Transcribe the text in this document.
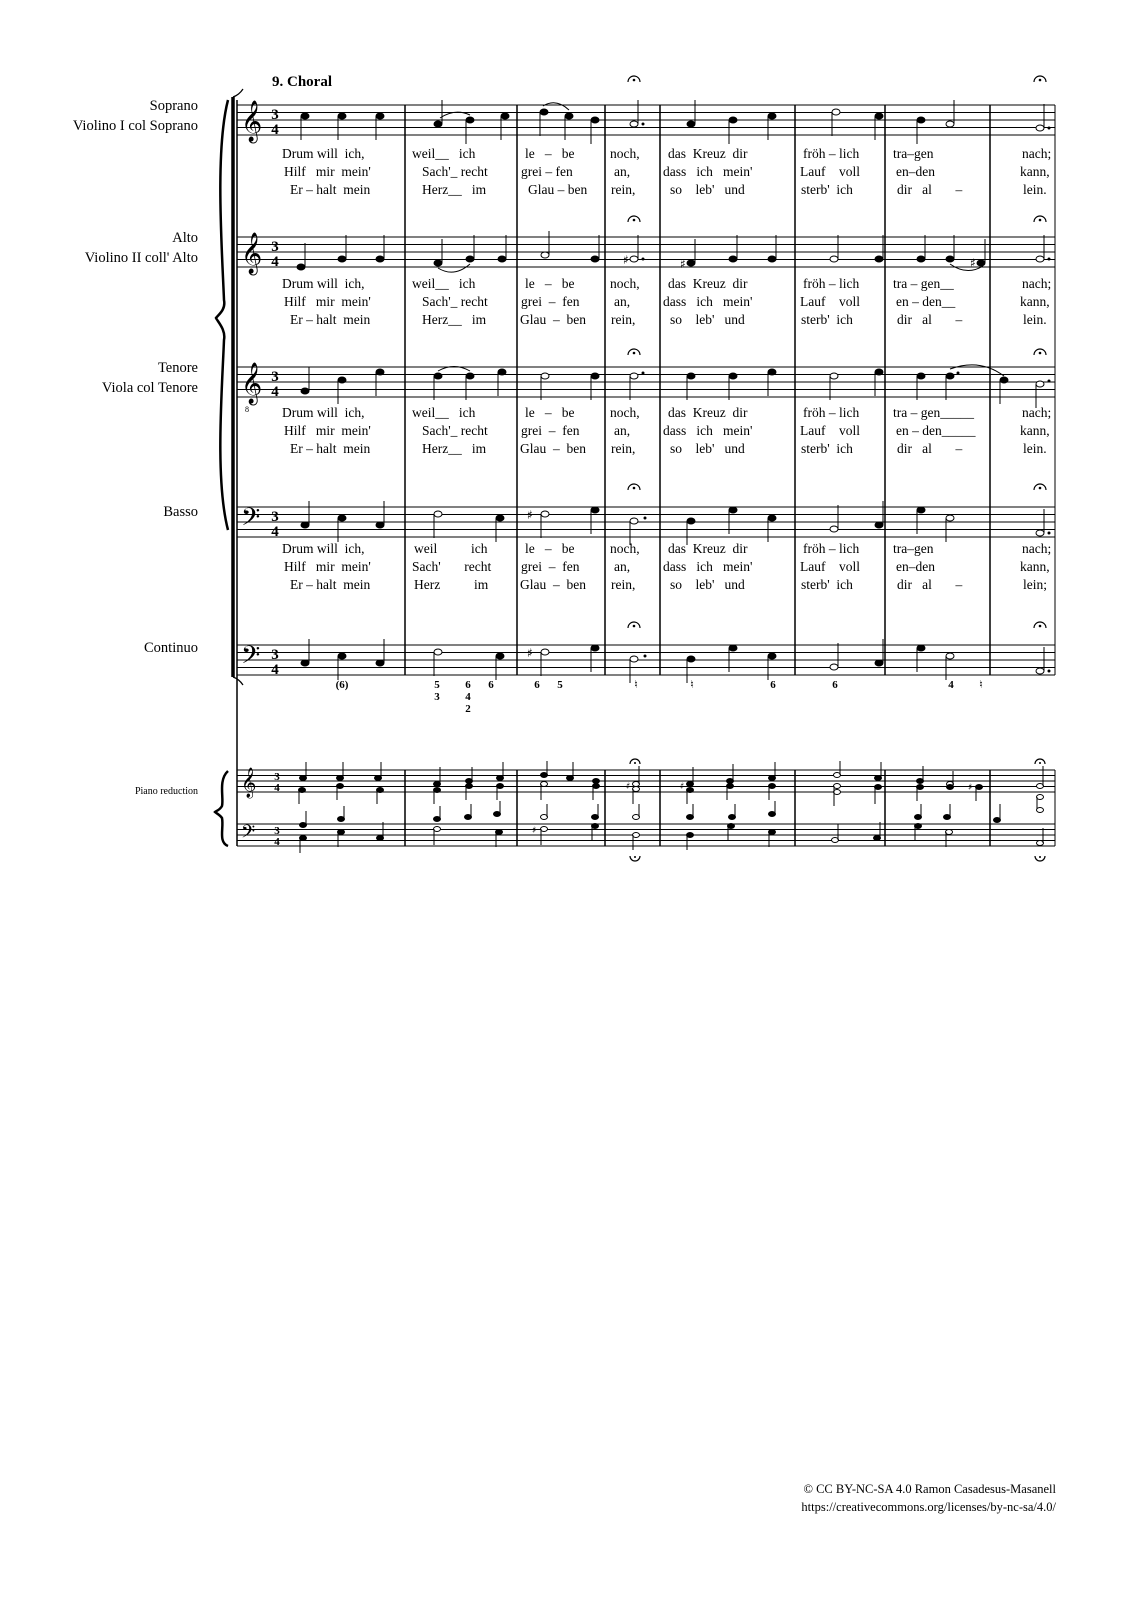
9. Choral
Soprano
Violino I col Soprano
Alto
Violino II coll' Alto
Tenore
Viola col Tenore
Basso
Continuo
Piano reduction
𝄞
𝄞
𝄞
8
𝄢
𝄢
𝄞
𝄢
3
4
3
4
3
4
3
4
3
4
3
4
3
4
♯	♯	♯
♯
♯
♯	♯	♯
♯
Drum will  ich,	weil__   ich	le   –   be	noch, das  Kreuz  dir	fröh – lich	tra–gen	nach;
Hilf   mir  mein'	Sach'_ recht grei – fen	an, dass   ich   mein'	Lauf    voll	en–den	kann,
Er – halt  mein	Herz__   im	Glau – ben rein,	so    leb'   und	sterb'  ich	dir   al       –	lein.
Drum will  ich,	weil__   ich	le   –   be	noch, das  Kreuz  dir	fröh – lich	tra – gen__	nach;
Hilf   mir  mein'	Sach'_ recht grei  –  fen	an, dass   ich   mein'	Lauf    voll	en – den__	kann,
Er – halt  mein	Herz__   im	Glau  –  ben rein,	so    leb'   und	sterb'  ich	dir   al       –	lein.
Drum will  ich,	weil__   ich	le   –   be	noch, das  Kreuz  dir	fröh – lich	tra – gen_____	nach;
Hilf   mir  mein'	Sach'_ recht grei  –  fen	an, dass   ich   mein'	Lauf    voll	en – den_____	kann,
Er – halt  mein	Herz__   im	Glau  –  ben rein,	so    leb'   und	sterb'  ich	dir   al       –	lein.
Drum will  ich,	weil          ich	le   –   be	noch, das  Kreuz  dir	fröh – lich	tra–gen	nach;
Hilf   mir  mein'	Sach'       recht grei  –  fen	an, dass   ich   mein'	Lauf    voll	en–den	kann,
Er – halt  mein	Herz          im Glau  –  ben rein,	so    leb'   und	sterb'  ich	dir   al       –	lein;
(6)	5
3
6
4
2
6	6	5	♮	♮	6	6	4	♮
© CC BY-NC-SA 4.0 Ramon Casadesus-Masanell
https://creativecommons.org/licenses/by-nc-sa/4.0/
